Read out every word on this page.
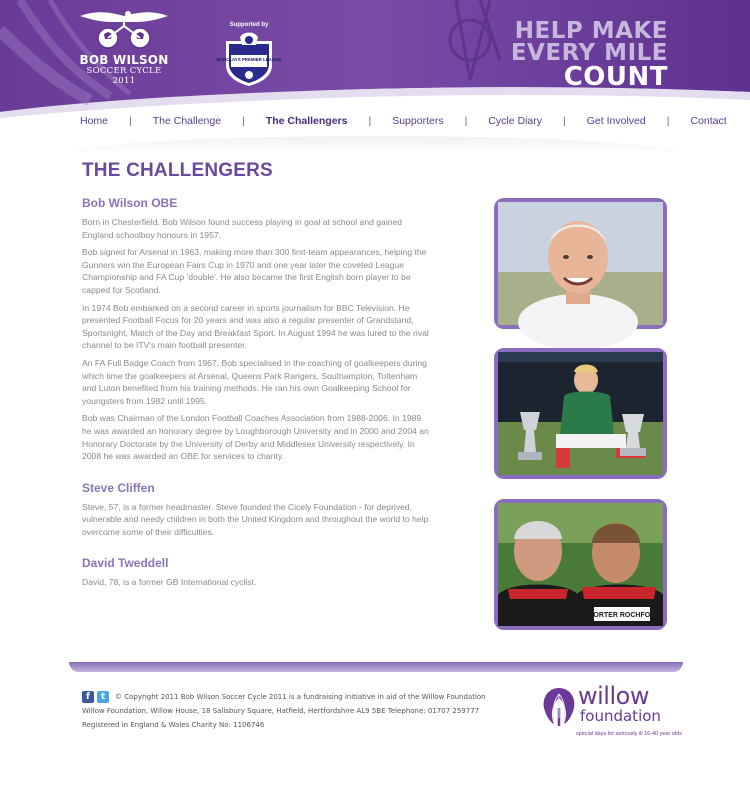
BOB WILSON
SOCCER CYCLE 2011
Supported by
BARCLAYS PREMIER LEAGUE
HELP MAKE
EVERY MILE
COUNT
Home | The Challenge | The Challengers | Supporters | Cycle Diary | Get Involved | Contact
THE CHALLENGERS
Bob Wilson OBE

Born in Chesterfield, Bob Wilson found success playing in goal at school and gained England schoolboy honours in 1957.

Bob signed for Arsenal in 1963, making more than 300 first-team appearances, helping the Gunners win the European Fairs Cup in 1970 and one year later the coveted League Championship and FA Cup 'double'. He also became the first English born player to be capped for Scotland.

In 1974 Bob embarked on a second career in sports journalism for BBC Television. He presented Football Focus for 20 years and was also a regular presenter of Grandstand, Sportsnight, Match of the Day and Breakfast Sport. In August 1994 he was lured to the rival channel to be ITV's main football presenter.

An FA Full Badge Coach from 1967, Bob specialised in the coaching of goalkeepers during which time the goalkeepers at Arsenal, Queens Park Rangers, Southampton, Tottenham and Luton benefited from his training methods. He ran his own Goalkeeping School for youngsters from 1982 until 1995.

Bob was Chairman of the London Football Coaches Association from 1988-2006. In 1989 he was awarded an honorary degree by Loughborough University and in 2000 and 2004 an Honorary Doctorate by the University of Derby and Middlesex University respectively. In 2008 he was awarded an OBE for services to charity.

Steve Cliffen

Steve, 57, is a former headmaster. Steve founded the Cicely Foundation - for deprived, vulnerable and needy children in both the United Kingdom and throughout the world to help overcome some of their difficulties.

David Tweddell

David, 78, is a former GB International cyclist.

SHORTER ROCHFORD
f	t	© Copyright 2011 Bob Wilson Soccer Cycle 2011 is a fundraising initiative in aid of the Willow Foundation
Willow Foundation, Willow House, 18 Salisbury Square, Hatfield, Hertfordshire AL9 5BE Telephone: 01707 259777
Registered in England & Wales Charity No: 1106746
willow
foundation
special days for seriously ill 16-40 year olds
